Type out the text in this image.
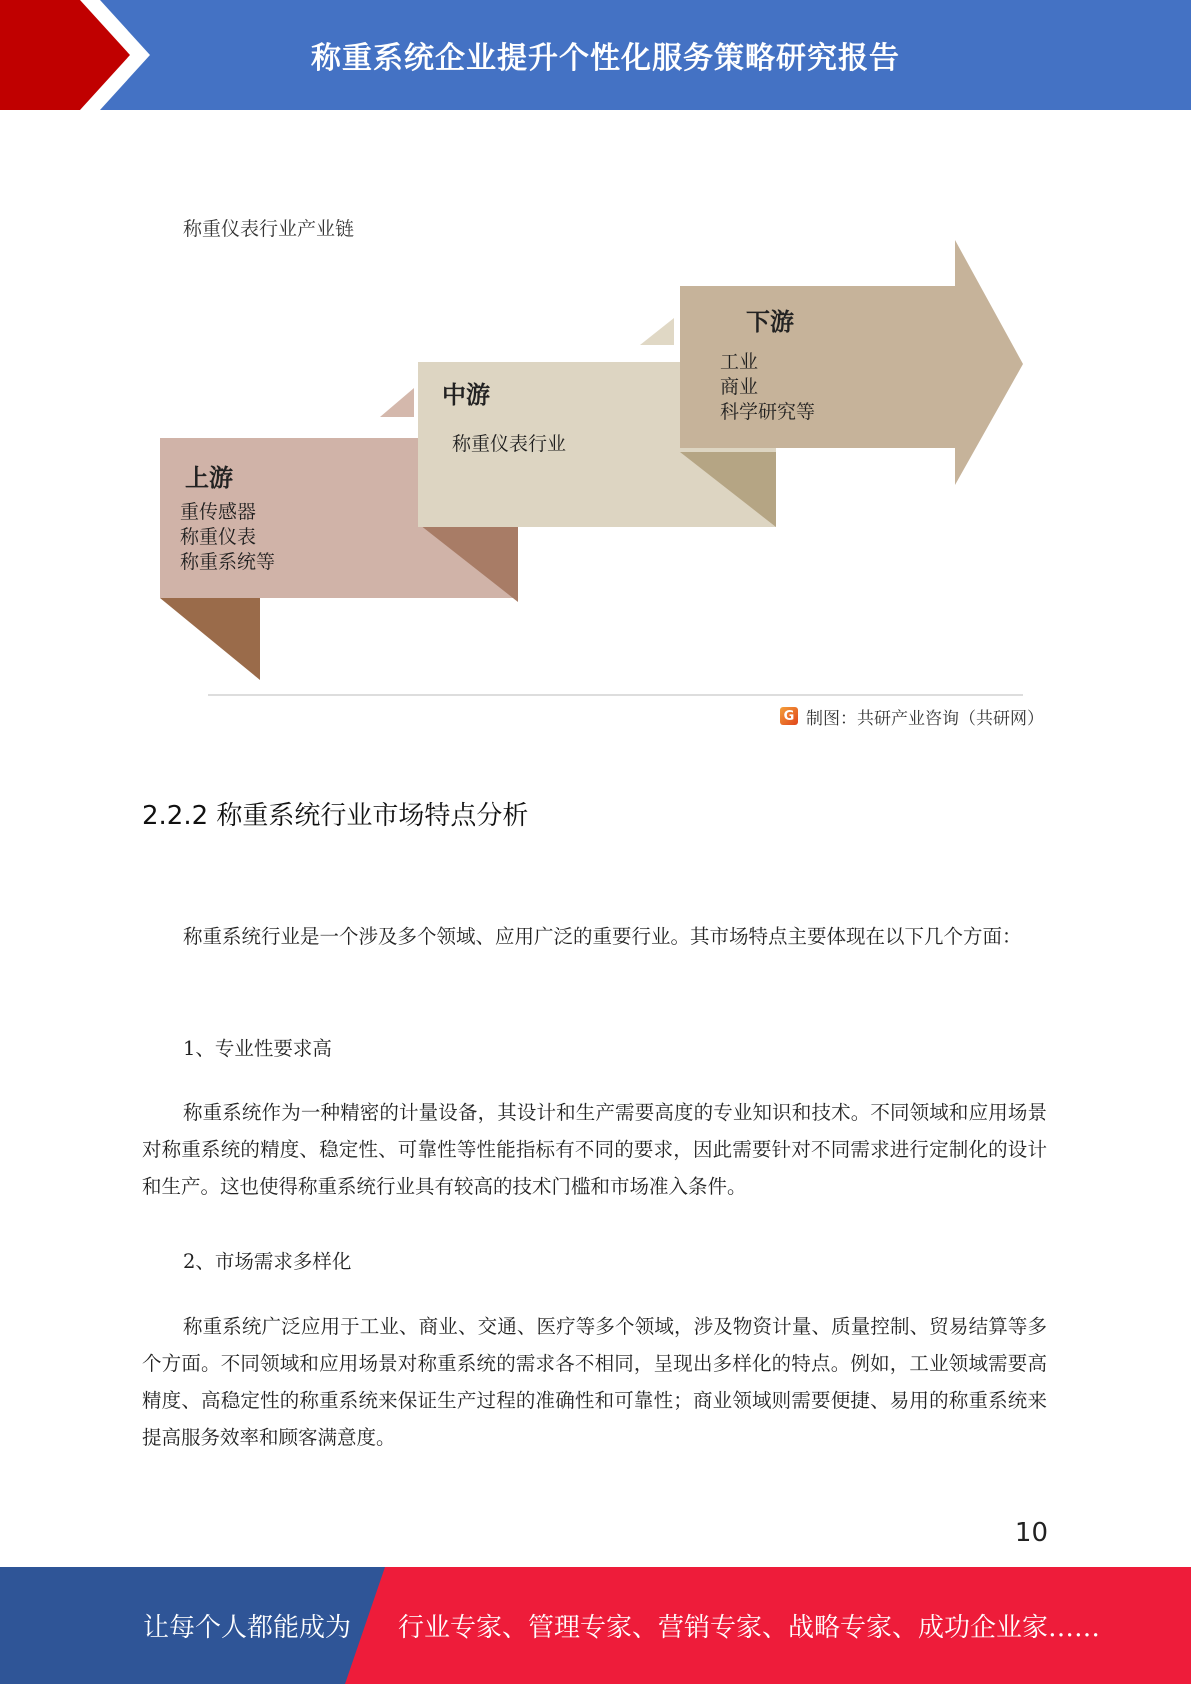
称重系统企业提升个性化服务策略研究报告
称重仪表行业产业链
上游
重传感器
称重仪表
称重系统等
中游
称重仪表行业
下游
工业
商业
科学研究等
G 制图：共研产业咨询（共研网）
2.2.2 称重系统行业市场特点分析

称重系统行业是一个涉及多个领域、应用广泛的重要行业。其市场特点主要体现在以下几个方面：

1、专业性要求高

称重系统作为一种精密的计量设备，其设计和生产需要高度的专业知识和技术。不同领域和应用场景对称重系统的精度、稳定性、可靠性等性能指标有不同的要求，因此需要针对不同需求进行定制化的设计和生产。这也使得称重系统行业具有较高的技术门槛和市场准入条件。

2、市场需求多样化

称重系统广泛应用于工业、商业、交通、医疗等多个领域，涉及物资计量、质量控制、贸易结算等多个方面。不同领域和应用场景对称重系统的需求各不相同，呈现出多样化的特点。例如，工业领域需要高精度、高稳定性的称重系统来保证生产过程的准确性和可靠性；商业领域则需要便捷、易用的称重系统来提高服务效率和顾客满意度。

10
让每个人都能成为 行业专家、管理专家、营销专家、战略专家、成功企业家……
